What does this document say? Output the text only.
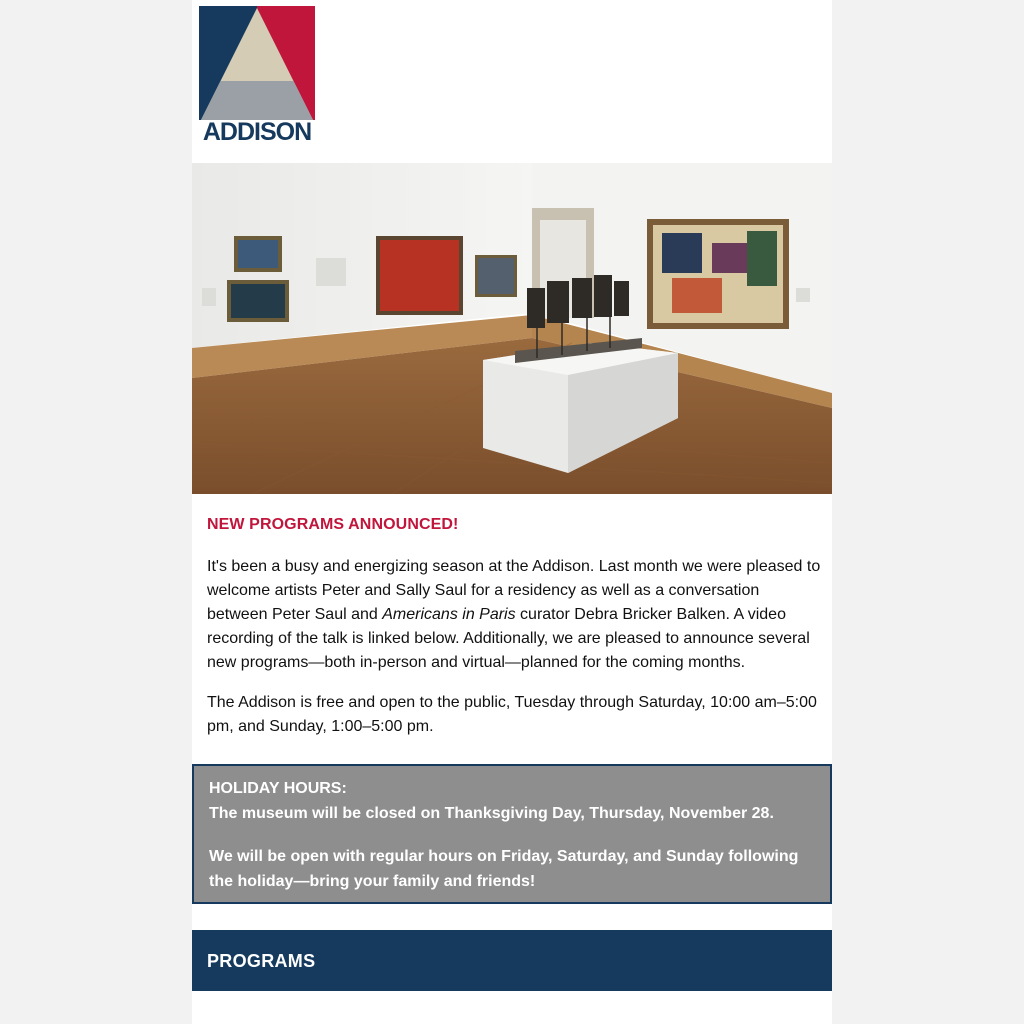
ADDISON
NEW PROGRAMS ANNOUNCED!
It's been a busy and energizing season at the Addison. Last month we were pleased to welcome artists Peter and Sally Saul for a residency as well as a conversation between Peter Saul and Americans in Paris curator Debra Bricker Balken. A video recording of the talk is linked below. Additionally, we are pleased to announce several new programs—both in-person and virtual—planned for the coming months.
The Addison is free and open to the public, Tuesday through Saturday, 10:00 am–5:00 pm, and Sunday, 1:00–5:00 pm.
HOLIDAY HOURS:
The museum will be closed on Thanksgiving Day, Thursday, November 28.
We will be open with regular hours on Friday, Saturday, and Sunday following the holiday—bring your family and friends!
PROGRAMS
